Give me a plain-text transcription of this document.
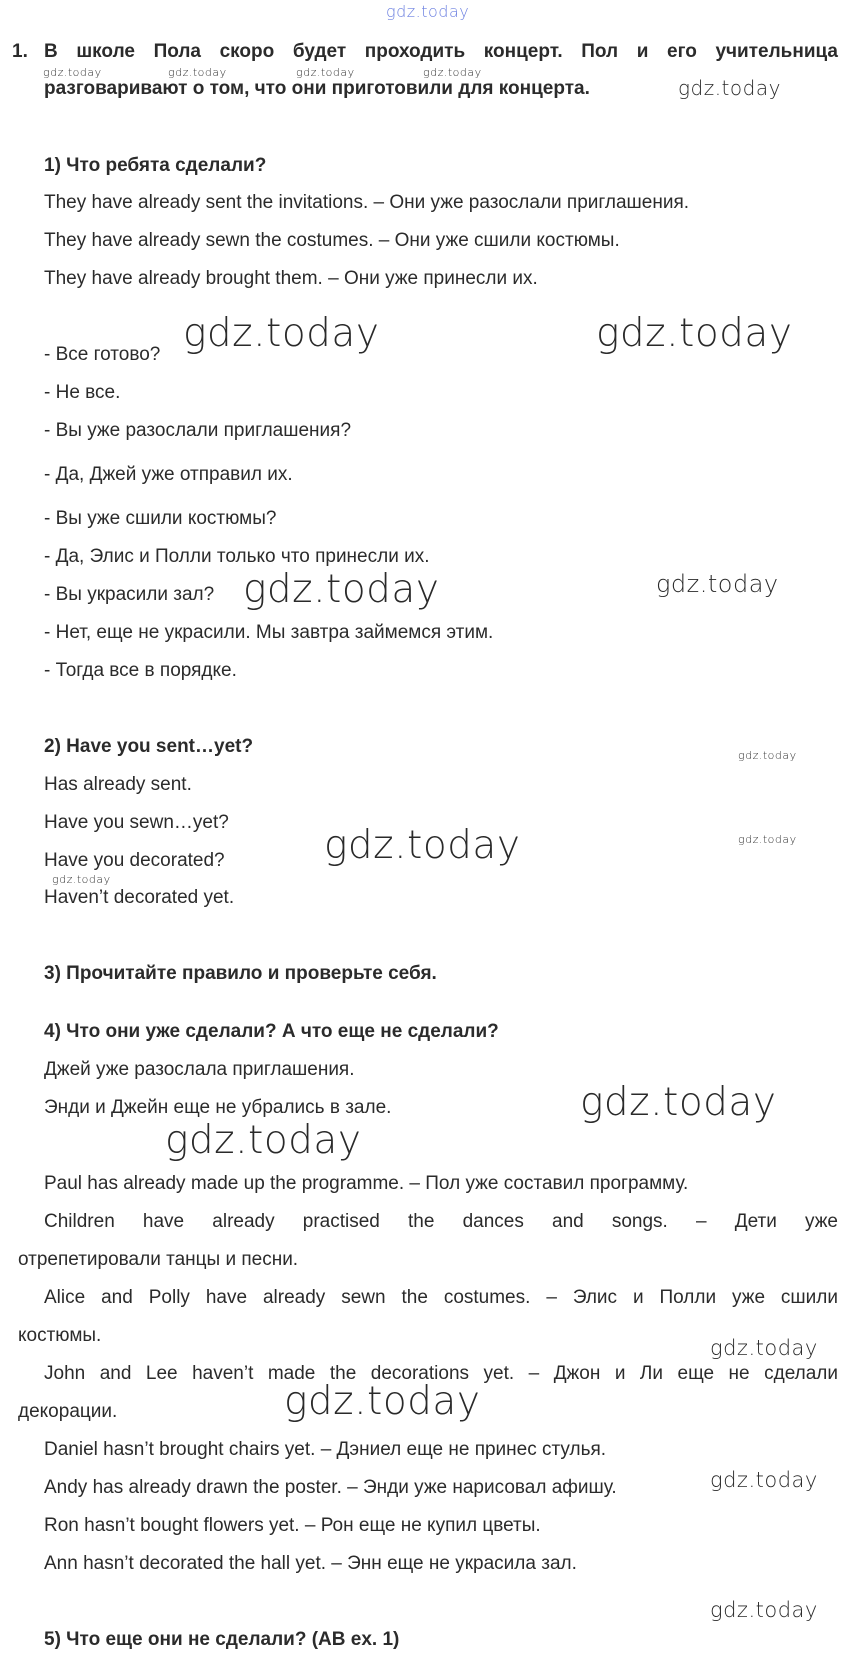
gdz.today
1. В школе Пола скоро будет проходить концерт. Пол и его учительница
gdz.today	gdz.today	gdz.today	gdz.today
разговаривают о том, что они приготовили для концерта.	gdz.today
1) Что ребята сделали?
They have already sent the invitations. – Они уже разослали приглашения.
They have already sewn the costumes. – Они уже сшили костюмы.
They have already brought them. – Они уже принесли их.
- Все готово? gdz.today	gdz.today
- Не все.
- Вы уже разослали приглашения?
- Да, Джей уже отправил их.
- Вы уже сшили костюмы?
- Да, Элис и Полли только что принесли их.
- Вы украсили зал? gdz.today	gdz.today
- Нет, еще не украсили. Мы завтра займемся этим.
- Тогда все в порядке.
2) Have you sent…yet?	gdz.today
Has already sent.
Have you sewn…yet?
Have you decorated?	gdz.today	gdz.today
gdz.today
Haven’t decorated yet.
3) Прочитайте правило и проверьте себя.
4) Что они уже сделали? А что еще не сделали?
Джей уже разослала приглашения.
Энди и Джейн еще не убрались в зале.	gdz.today
gdz.today
Paul has already made up the programme. – Пол уже составил программу.
Children have already practised the dances and songs. – Дети уже
отрепетировали танцы и песни.
Alice and Polly have already sewn the costumes. – Элис и Полли уже сшили
костюмы.
gdz.today
John and Lee haven’t made the decorations yet. – Джон и Ли еще не сделали
декорации.	gdz.today
Daniel hasn’t brought chairs yet. – Дэниел еще не принес стулья.
Andy has already drawn the poster. – Энди уже нарисовал афишу.	gdz.today
Ron hasn’t bought flowers yet. – Рон еще не купил цветы.
Ann hasn’t decorated the hall yet. – Энн еще не украсила зал.
gdz.today
5) Что еще они не сделали? (AB ex. 1)
